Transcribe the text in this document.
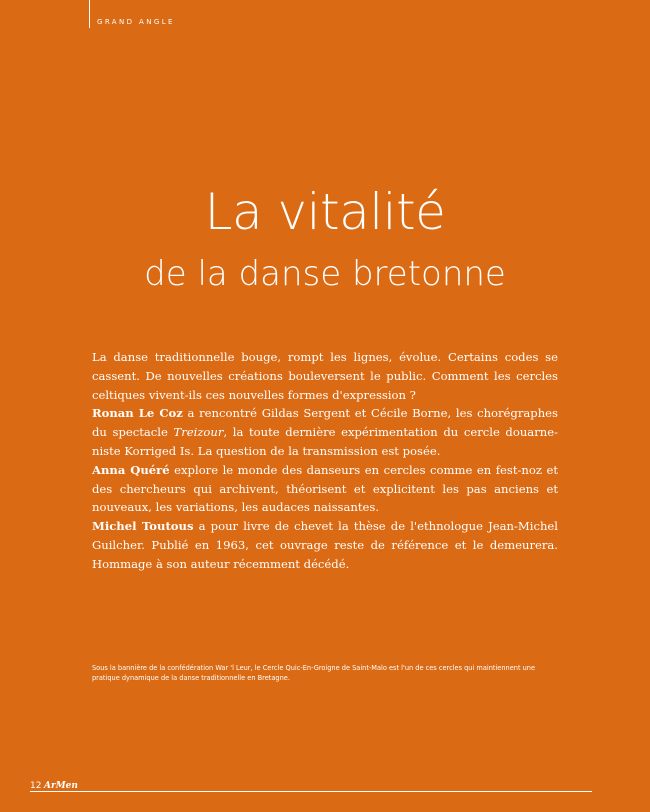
GRAND ANGLE
La vitalité
de la danse bretonne

La danse traditionnelle bouge, rompt les lignes, évolue. Certains codes se cassent. De nouvelles créations bouleversent le public. Comment les cercles celtiques vivent-ils ces nouvelles formes d'expression ?

Ronan Le Coz a rencontré Gildas Sergent et Cécile Borne, les chorégraphes du spectacle Treizour, la toute dernière expérimentation du cercle douarne-niste Korriged Is. La question de la transmission est posée.

Anna Quéré explore le monde des danseurs en cercles comme en fest-noz et des chercheurs qui archivent, théorisent et explicitent les pas anciens et nouveaux, les variations, les audaces naissantes.

Michel Toutous a pour livre de chevet la thèse de l'ethnologue Jean-Michel Guilcher. Publié en 1963, cet ouvrage reste de référence et le demeurera. Hommage à son auteur récemment décédé.

Sous la bannière de la confédération War 'l Leur, le Cercle Quic-En-Groigne de Saint-Malo est l'un de ces cercles qui maintiennent une pratique dynamique de la danse traditionnelle en Bretagne.
12 ArMen
